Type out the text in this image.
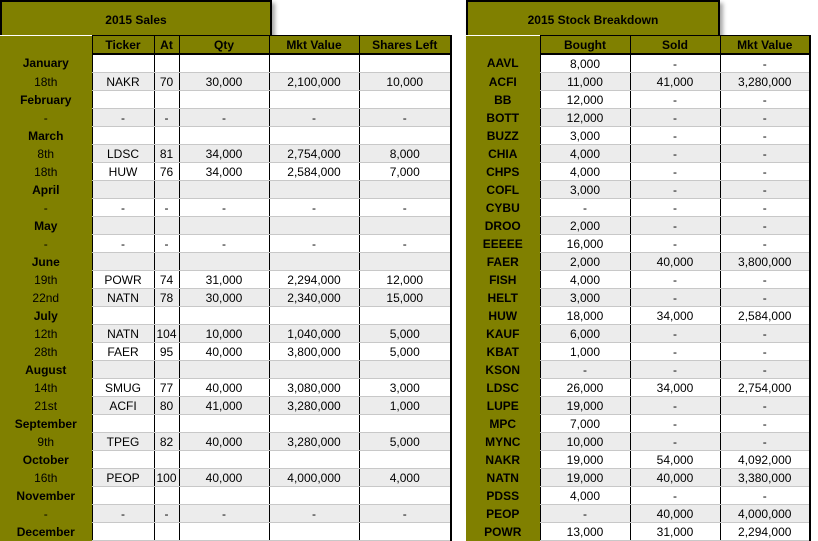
2015 Sales	2015 Stock Breakdown
	Ticker	At	Qty	Mkt Value	Shares Left
January					
18th	NAKR	70	30,000	2,100,000	10,000
February					
-	-	-	-	-	-
March					
8th	LDSC	81	34,000	2,754,000	8,000
18th	HUW	76	34,000	2,584,000	7,000
April					
-	-	-	-	-	-
May					
-	-	-	-	-	-
June					
19th	POWR	74	31,000	2,294,000	12,000
22nd	NATN	78	30,000	2,340,000	15,000
July					
12th	NATN	104	10,000	1,040,000	5,000
28th	FAER	95	40,000	3,800,000	5,000
August					
14th	SMUG	77	40,000	3,080,000	3,000
21st	ACFI	80	41,000	3,280,000	1,000
September					
9th	TPEG	82	40,000	3,280,000	5,000
October					
16th	PEOP	100	40,000	4,000,000	4,000
November					
-	-	-	-	-	-
December					
	Bought	Sold	Mkt Value
AAVL	8,000	-	-
ACFI	11,000	41,000	3,280,000
BB	12,000	-	-
BOTT	12,000	-	-
BUZZ	3,000	-	-
CHIA	4,000	-	-
CHPS	4,000	-	-
COFL	3,000	-	-
CYBU	-	-	-
DROO	2,000	-	-
EEEEE	16,000	-	-
FAER	2,000	40,000	3,800,000
FISH	4,000	-	-
HELT	3,000	-	-
HUW	18,000	34,000	2,584,000
KAUF	6,000	-	-
KBAT	1,000	-	-
KSON	-	-	-
LDSC	26,000	34,000	2,754,000
LUPE	19,000	-	-
MPC	7,000	-	-
MYNC	10,000	-	-
NAKR	19,000	54,000	4,092,000
NATN	19,000	40,000	3,380,000
PDSS	4,000	-	-
PEOP	-	40,000	4,000,000
POWR	13,000	31,000	2,294,000
